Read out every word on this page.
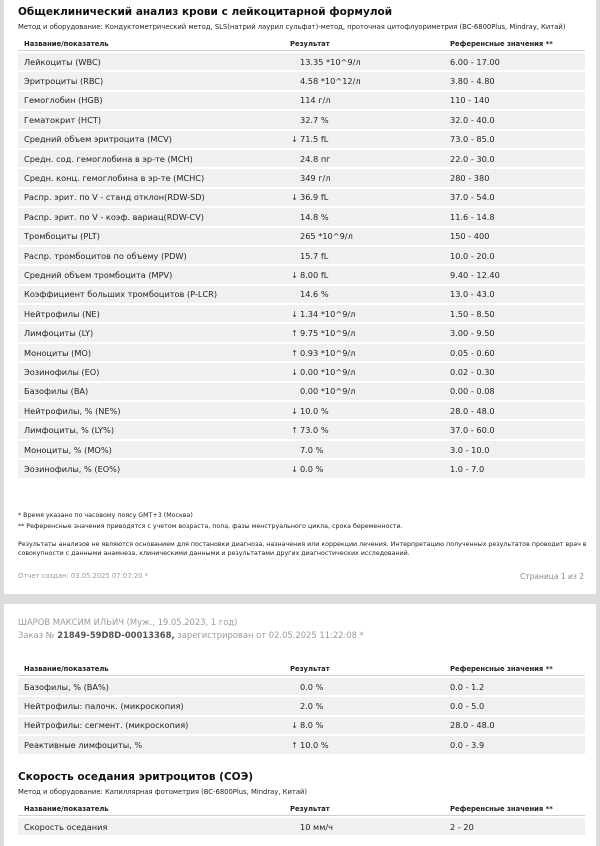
Общеклинический анализ крови с лейкоцитарной формулой
Метод и оборудование: Кондуктометрический метод, SLS(натрий лаурил сульфат)-метод, проточная цитофлуориметрия (BC-6800Plus, Mindray, Китай)
Название/показатель	Результат	Референсные значения **
Лейкоциты (WBC)	13.35 *10^9/л	6.00 - 17.00
Эритроциты (RBC)	4.58 *10^12/л	3.80 - 4.80
Гемоглобин (HGB)	114 г/л	110 - 140
Гематокрит (HCT)	32.7 %	32.0 - 40.0
Средний объем эритроцита (MCV)	↓ 71.5 fL	73.0 - 85.0
Средн. сод. гемоглобина в эр-те (MCH)	24.8 пг	22.0 - 30.0
Средн. конц. гемоглобина в эр-те (MCHC)	349 г/л	280 - 380
Распр. эрит. по V - станд отклон(RDW-SD)	↓ 36.9 fL	37.0 - 54.0
Распр. эрит. по V - коэф. вариац(RDW-CV)	14.8 %	11.6 - 14.8
Тромбоциты (PLT)	265 *10^9/л	150 - 400
Распр. тромбоцитов по объему (PDW)	15.7 fL	10.0 - 20.0
Средний объем тромбоцита (MPV)	↓ 8.00 fL	9.40 - 12.40
Коэффициент больших тромбоцитов (P-LCR)	14.6 %	13.0 - 43.0
Нейтрофилы (NE)	↓ 1.34 *10^9/л	1.50 - 8.50
Лимфоциты (LY)	↑ 9.75 *10^9/л	3.00 - 9.50
Моноциты (MO)	↑ 0.93 *10^9/л	0.05 - 0.60
Эозинофилы (EO)	↓ 0.00 *10^9/л	0.02 - 0.30
Базофилы (BA)	0.00 *10^9/л	0.00 - 0.08
Нейтрофилы, % (NE%)	↓ 10.0 %	28.0 - 48.0
Лимфоциты, % (LY%)	↑ 73.0 %	37.0 - 60.0
Моноциты, % (MO%)	7.0 %	3.0 - 10.0
Эозинофилы, % (EO%)	↓ 0.0 %	1.0 - 7.0
* Время указано по часовому поясу GMT+3 (Москва)
** Референсные значения приводятся с учетом возраста, пола, фазы менструального цикла, срока беременности.
Результаты анализов не являются основанием для постановки диагноза, назначения или коррекции лечения. Интерпретацию полученных результатов проводит врач в совокупности с данными анамнеза, клиническими данными и результатами других диагностических исследований.
Отчет создан: 03.05.2025 07:07:20 *	Страница 1 из 2
ШАРОВ МАКСИМ ИЛЬИЧ (Муж., 19.05.2023, 1 год)
Заказ № 21849-59D8D-00013368, зарегистрирован от 02.05.2025 11:22:08 *
Название/показатель	Результат	Референсные значения **
Базофилы, % (BA%)	0.0 %	0.0 - 1.2
Нейтрофилы: палочк. (микроскопия)	2.0 %	0.0 - 5.0
Нейтрофилы: сегмент. (микроскопия)	↓ 8.0 %	28.0 - 48.0
Реактивные лимфоциты, %	↑ 10.0 %	0.0 - 3.9
Скорость оседания эритроцитов (СОЭ)
Метод и оборудование: Капиллярная фотометрия (BC-6800Plus, Mindray, Китай)
Название/показатель	Результат	Референсные значения **
Скорость оседания	10 мм/ч	2 - 20
